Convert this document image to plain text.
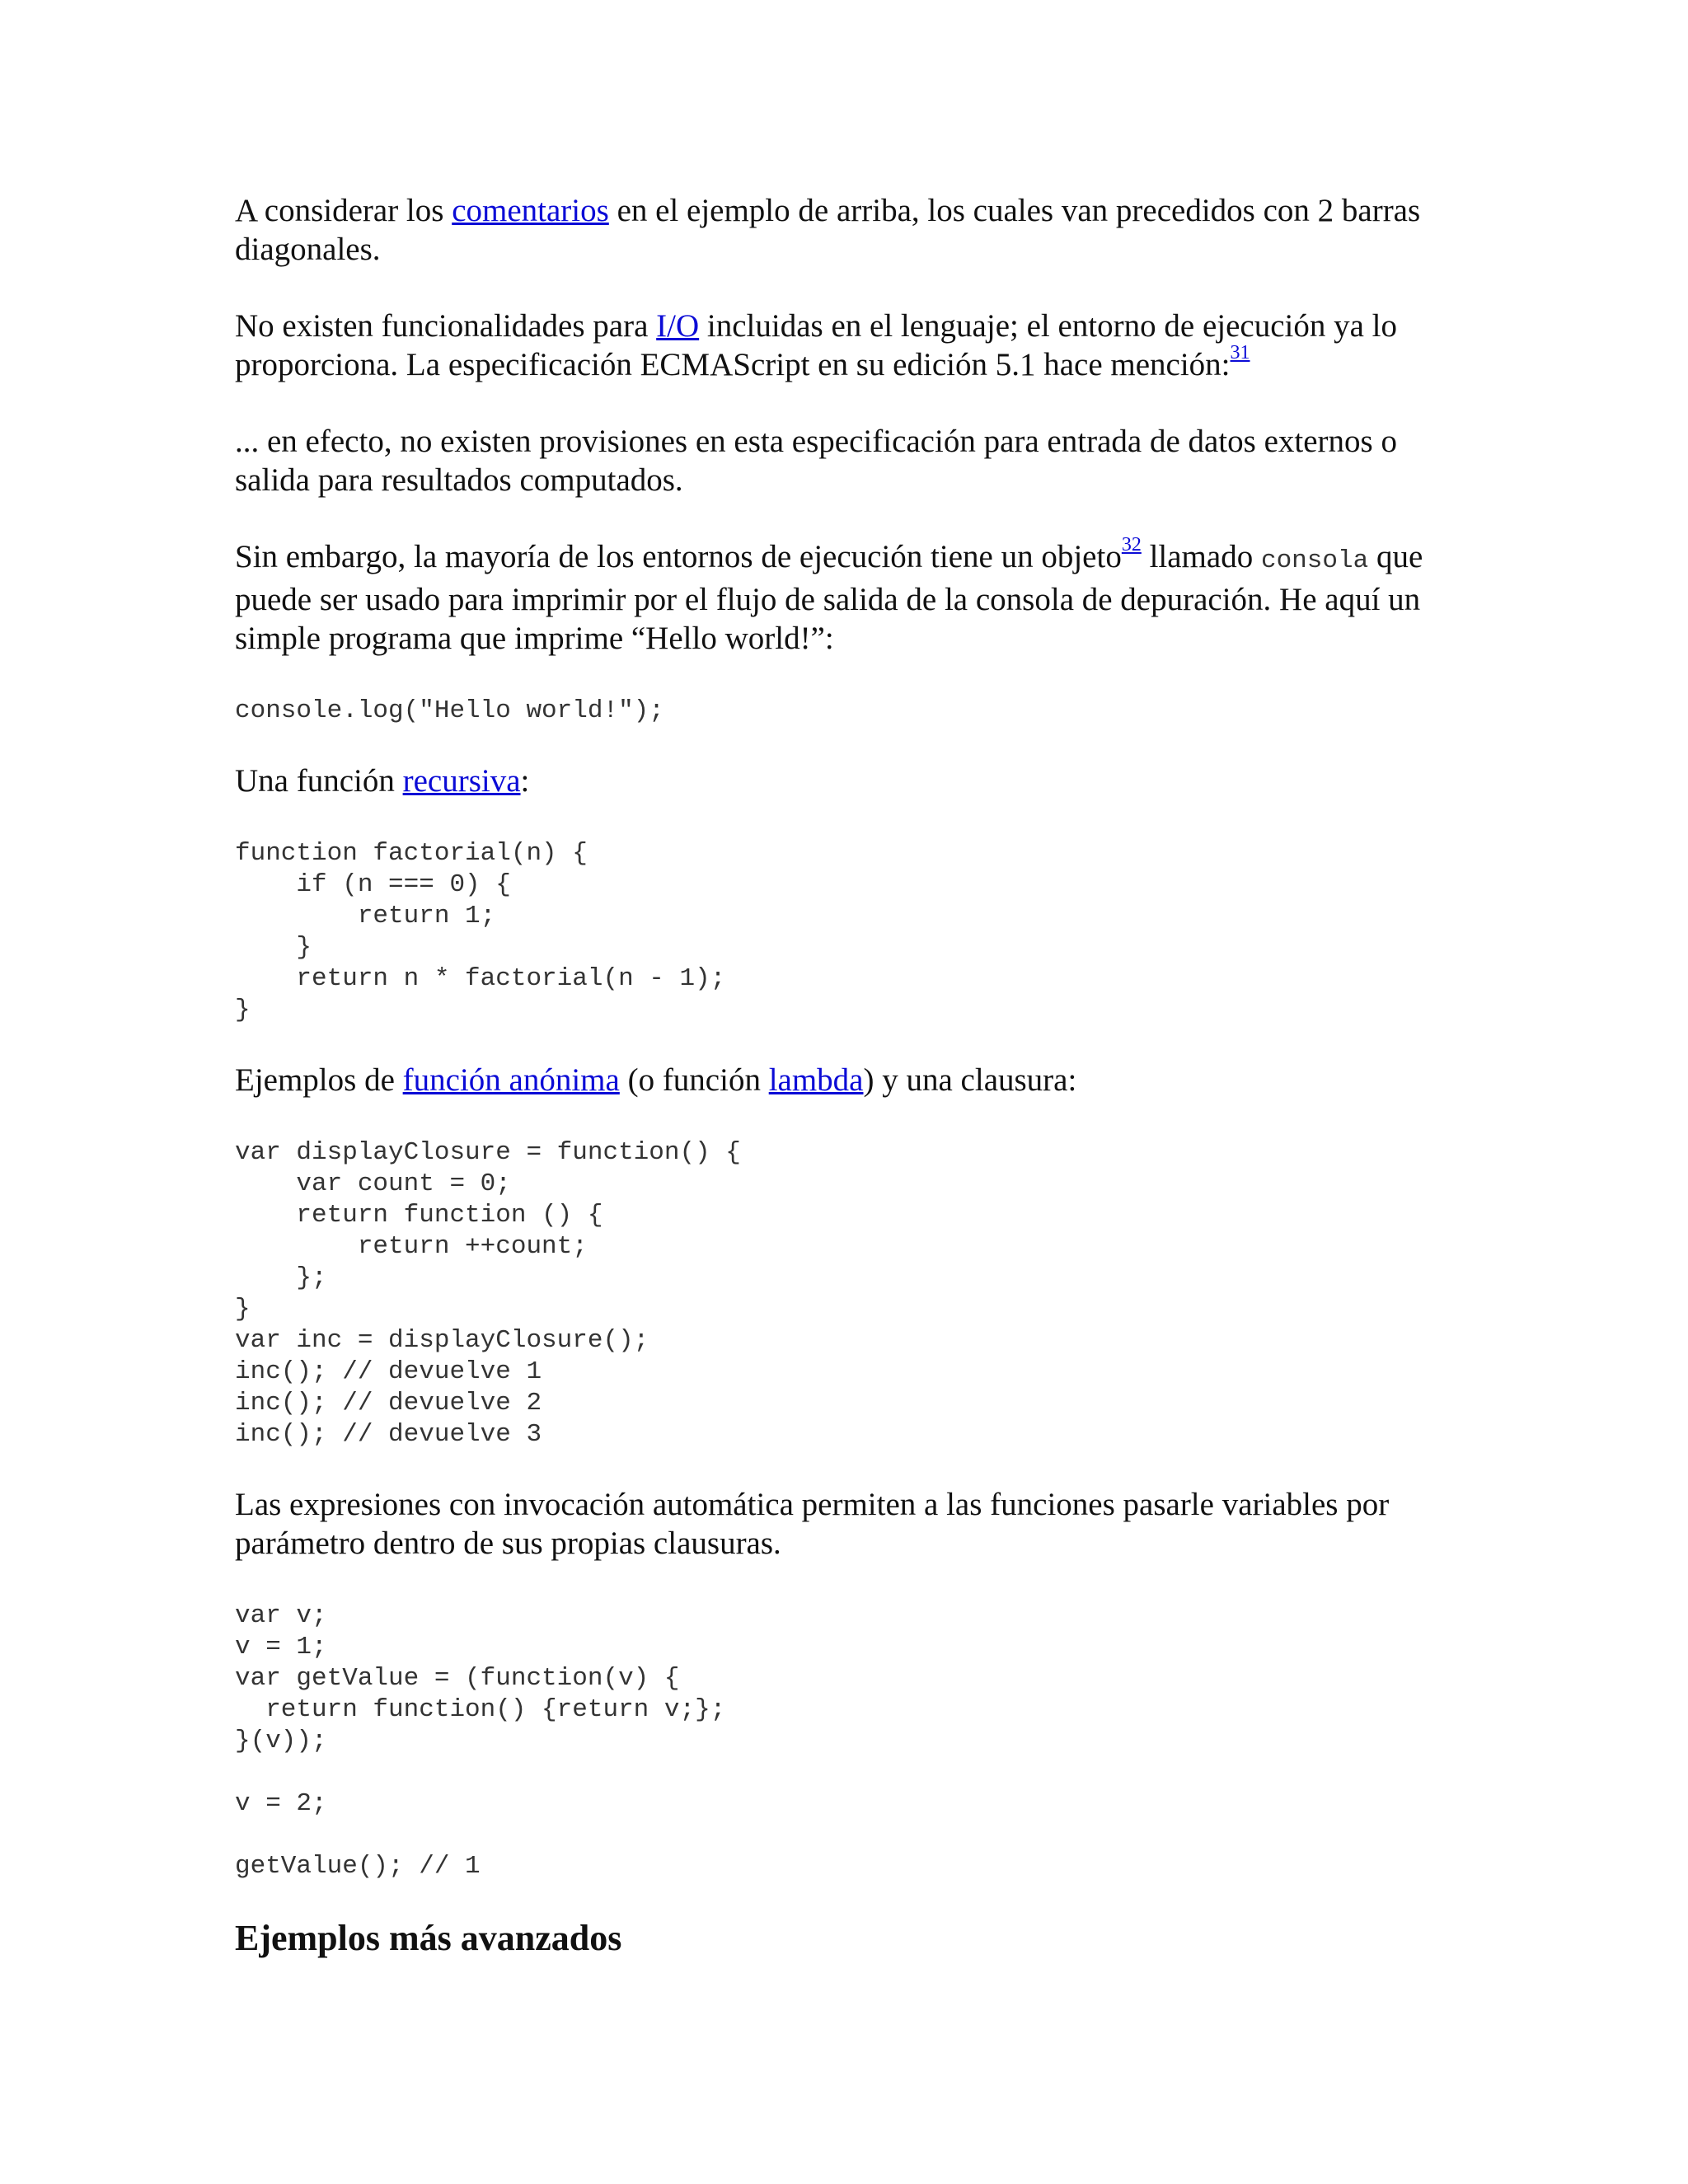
A considerar los comentarios en el ejemplo de arriba, los cuales van precedidos con 2 barras diagonales.

No existen funcionalidades para I/O incluidas en el lenguaje; el entorno de ejecución ya lo proporciona. La especificación ECMAScript en su edición 5.1 hace mención:$^{31}$

... en efecto, no existen provisiones en esta especificación para entrada de datos externos o salida para resultados computados.

Sin embargo, la mayoría de los entornos de ejecución tiene un objeto$^{32}$ llamado consola que puede ser usado para imprimir por el flujo de salida de la consola de depuración. He aquí un simple programa que imprime “Hello world!”:

console.log("Hello world!");

Una función recursiva:

function factorial(n) {
if (n === 0) {
return 1;
}
return n * factorial(n - 1);
}

Ejemplos de función anónima (o función lambda) y una clausura:

var displayClosure = function() {
var count = 0;
return function () {
return ++count;
};
}
var inc = displayClosure();
inc(); // devuelve 1
inc(); // devuelve 2
inc(); // devuelve 3

Las expresiones con invocación automática permiten a las funciones pasarle variables por parámetro dentro de sus propias clausuras.

var v;
v = 1;
var getValue = (function(v) {
return function() {return v;};
}(v));

v = 2;

getValue(); // 1
Ejemplos más avanzados
